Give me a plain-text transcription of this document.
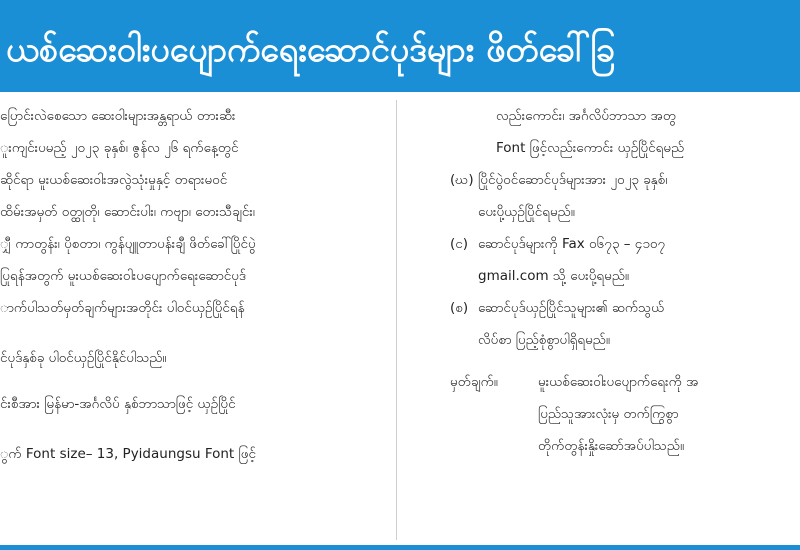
ယစ်ဆေးဝါးပပျောက်ရေးဆောင်ပုဒ်များ ဖိတ်ခေါ်ခြ
ပြောင်းလဲစေသော ဆေးဝါးများအန္တရာယ် တားဆီး
ူးကျင်းပမည့် ၂၀၂၃ ခုနှစ်၊ ဇွန်လ ၂၆ ရက်နေ့တွင်
ဆိုင်ရာ မူးယစ်ဆေးဝါးအလွဲသုံးမှုနှင့် တရားမဝင်
ထိမ်းအမှတ် ဝတ္ထုတို၊ ဆောင်းပါး၊ ကဗျာ၊ တေးသီချင်း၊
ျှီ ကာတွန်း၊ ပိုစတာ၊ ကွန်ပျူတာပန်းချီ ဖိတ်ခေါ်ပြိုင်ပွဲ
ပြုရန်အတွက် မူးယစ်ဆေးဝါးပပျောက်ရေးဆောင်ပုဒ်
ာက်ပါသတ်မှတ်ချက်များအတိုင်း ပါဝင်ယှဉ်ပြိုင်ရန်
င်ပုဒ်နှစ်ခု ပါဝင်ယှဉ်ပြိုင်နိုင်ပါသည်။
င်းစီအား မြန်မာ-အင်္ဂလိပ် နှစ်ဘာသာဖြင့် ယှဉ်ပြိုင်
ွက် Font size– 13, Pyidaungsu Font ဖြင့်
လည်းကောင်း၊ အင်္ဂလိပ်ဘာသာ အတွ
Font ဖြင့်လည်းကောင်း ယှဉ်ပြိုင်ရမည်
(ဃ) ပြိုင်ပွဲဝင်ဆောင်ပုဒ်များအား ၂၀၂၃ ခုနှစ်၊
ပေးပို့ယှဉ်ပြိုင်ရမည်။
(င) ဆောင်ပုဒ်များကို Fax ၀၆၇၃ – ၄၁၀၇
gmail.com သို့ ပေးပို့ရမည်။
(စ) ဆောင်ပုဒ်ယှဉ်ပြိုင်သူများ၏ ဆက်သွယ်
လိပ်စာ ပြည့်စုံစွာပါရှိရမည်။
မှတ်ချက်။	မူးယစ်ဆေးဝါးပပျောက်ရေးကို အ
ပြည်သူအားလုံးမှ တက်ကြွစွာ
တိုက်တွန်းနှိုးဆော်အပ်ပါသည်။
